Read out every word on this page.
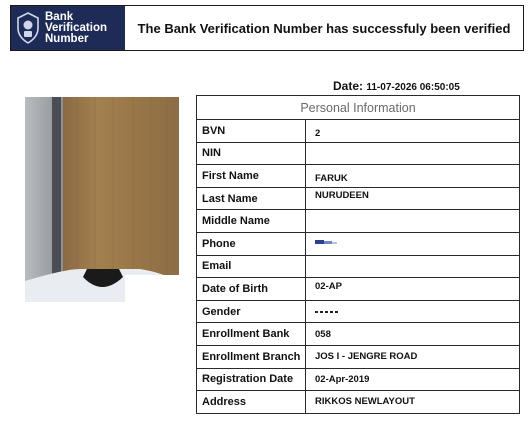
Bank
Verification
Number
The Bank Verification Number has successfuly been verified
Date: 11-07-2026 06:50:05
Personal Information	
BVN	2
NIN	
First Name	FARUK
Last Name	NURUDEEN
Middle Name	
Phone	
Email	
Date of Birth	02-AP
Gender	
Enrollment Bank	058
Enrollment Branch	JOS I - JENGRE ROAD
Registration Date	02-Apr-2019
Address	RIKKOS NEWLAYOUT
